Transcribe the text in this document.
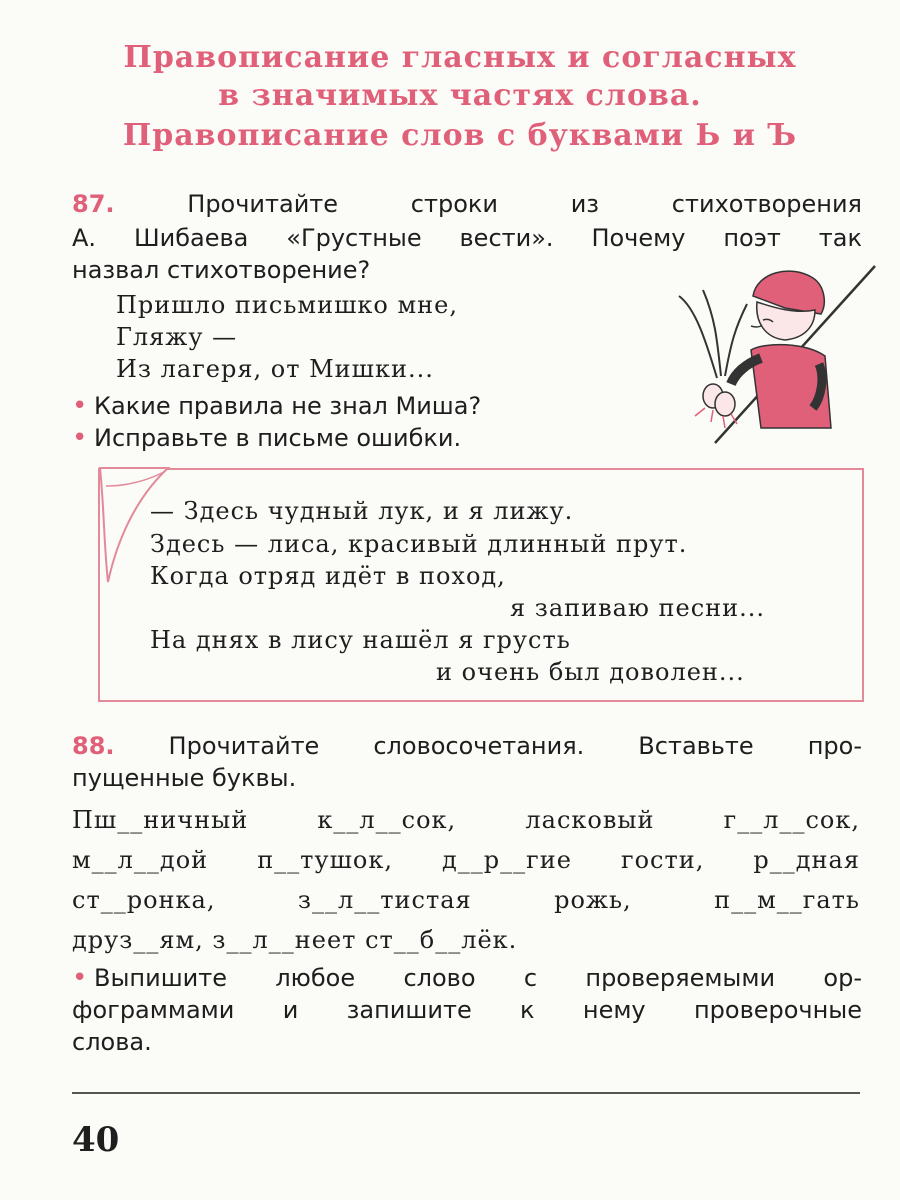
Правописание гласных и согласных
в значимых частях слова.
Правописание слов с буквами Ь и Ъ
87.	Прочитайте строки из стихотворения
А. Шибаева «Грустные вести». Почему поэт так
назвал стихотворение?
Пришло письмишко мне,
Гляжу —
Из лагеря, от Мишки...
• Какие правила не знал Миша?
• Исправьте в письме ошибки.
— Здесь чудный лук, и я лижу.
Здесь — лиса, красивый длинный прут.
Когда отряд идёт в поход,
я запиваю песни...
На днях в лису нашёл я грусть
и очень был доволен...
88. Прочитайте словосочетания. Вставьте про-
пущенные буквы.
Пш__ничный к__л__сок, ласковый г__л__сок,
м__л__дой п__тушок, д__р__гие гости, р__дная
ст__ронка, з__л__тистая рожь, п__м__гать
друз__ям, з__л__неет ст__б__лёк.
• Выпишите любое слово с проверяемыми ор-
фограммами и запишите к нему проверочные
слова.
40
